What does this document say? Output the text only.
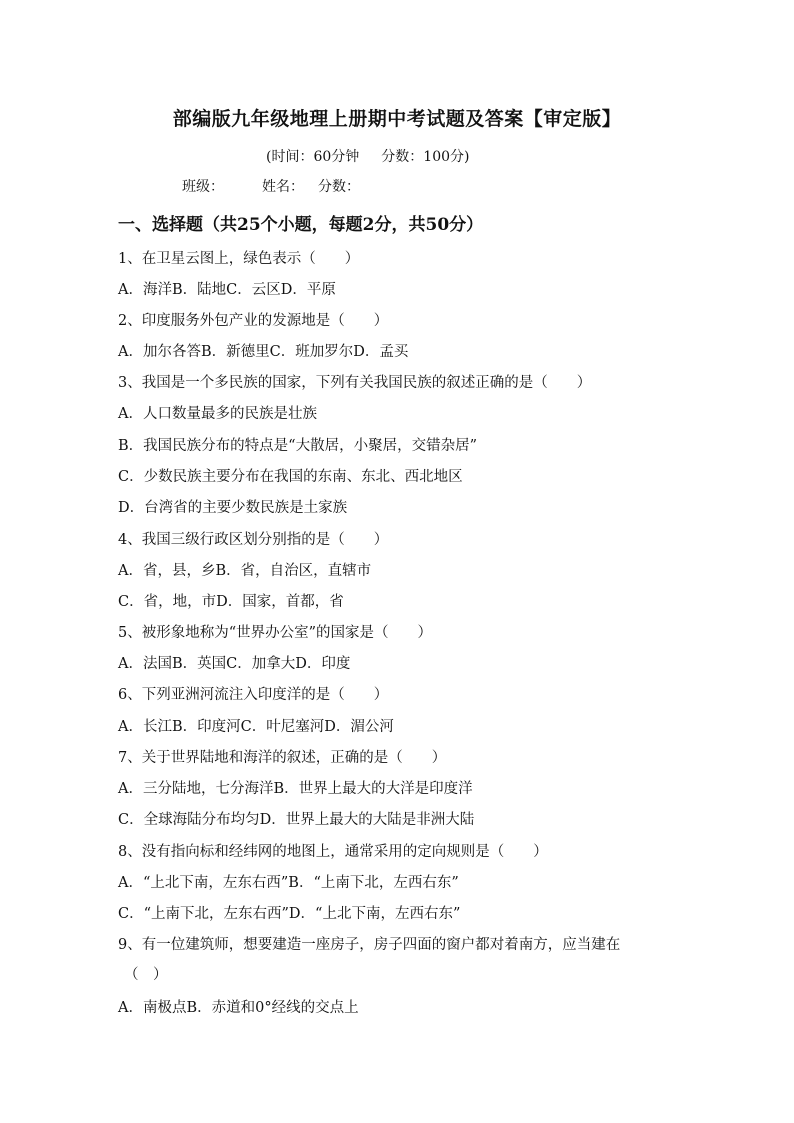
部编版九年级地理上册期中考试题及答案【审定版】
(时间：60分钟 分数：100分)
班级：	姓名： 分数：
一、选择题（共25个小题，每题2分，共50分）
1、在卫星云图上，绿色表示（　　）
A．海洋B．陆地C．云区D．平原
2、印度服务外包产业的发源地是（　　）
A．加尔各答B．新德里C．班加罗尔D．孟买
3、我国是一个多民族的国家，下列有关我国民族的叙述正确的是（　　）
A．人口数量最多的民族是壮族
B．我国民族分布的特点是“大散居，小聚居，交错杂居”
C．少数民族主要分布在我国的东南、东北、西北地区
D．台湾省的主要少数民族是土家族
4、我国三级行政区划分别指的是（　　）
A．省，县，乡B．省，自治区，直辖市
C．省，地，市D．国家，首都，省
5、被形象地称为“世界办公室”的国家是（　　）
A．法国B．英国C．加拿大D．印度
6、下列亚洲河流注入印度洋的是（　　）
A．长江B．印度河C．叶尼塞河D．湄公河
7、关于世界陆地和海洋的叙述，正确的是（　　）
A．三分陆地，七分海洋B．世界上最大的大洋是印度洋
C．全球海陆分布均匀D．世界上最大的大陆是非洲大陆
8、没有指向标和经纬网的地图上，通常采用的定向规则是（　　）
A．“上北下南，左东右西”B．“上南下北，左西右东”
C．“上南下北，左东右西”D．“上北下南，左西右东”
9、有一位建筑师，想要建造一座房子，房子四面的窗户都对着南方，应当建在
（　）
A．南极点B．赤道和0°经线的交点上
